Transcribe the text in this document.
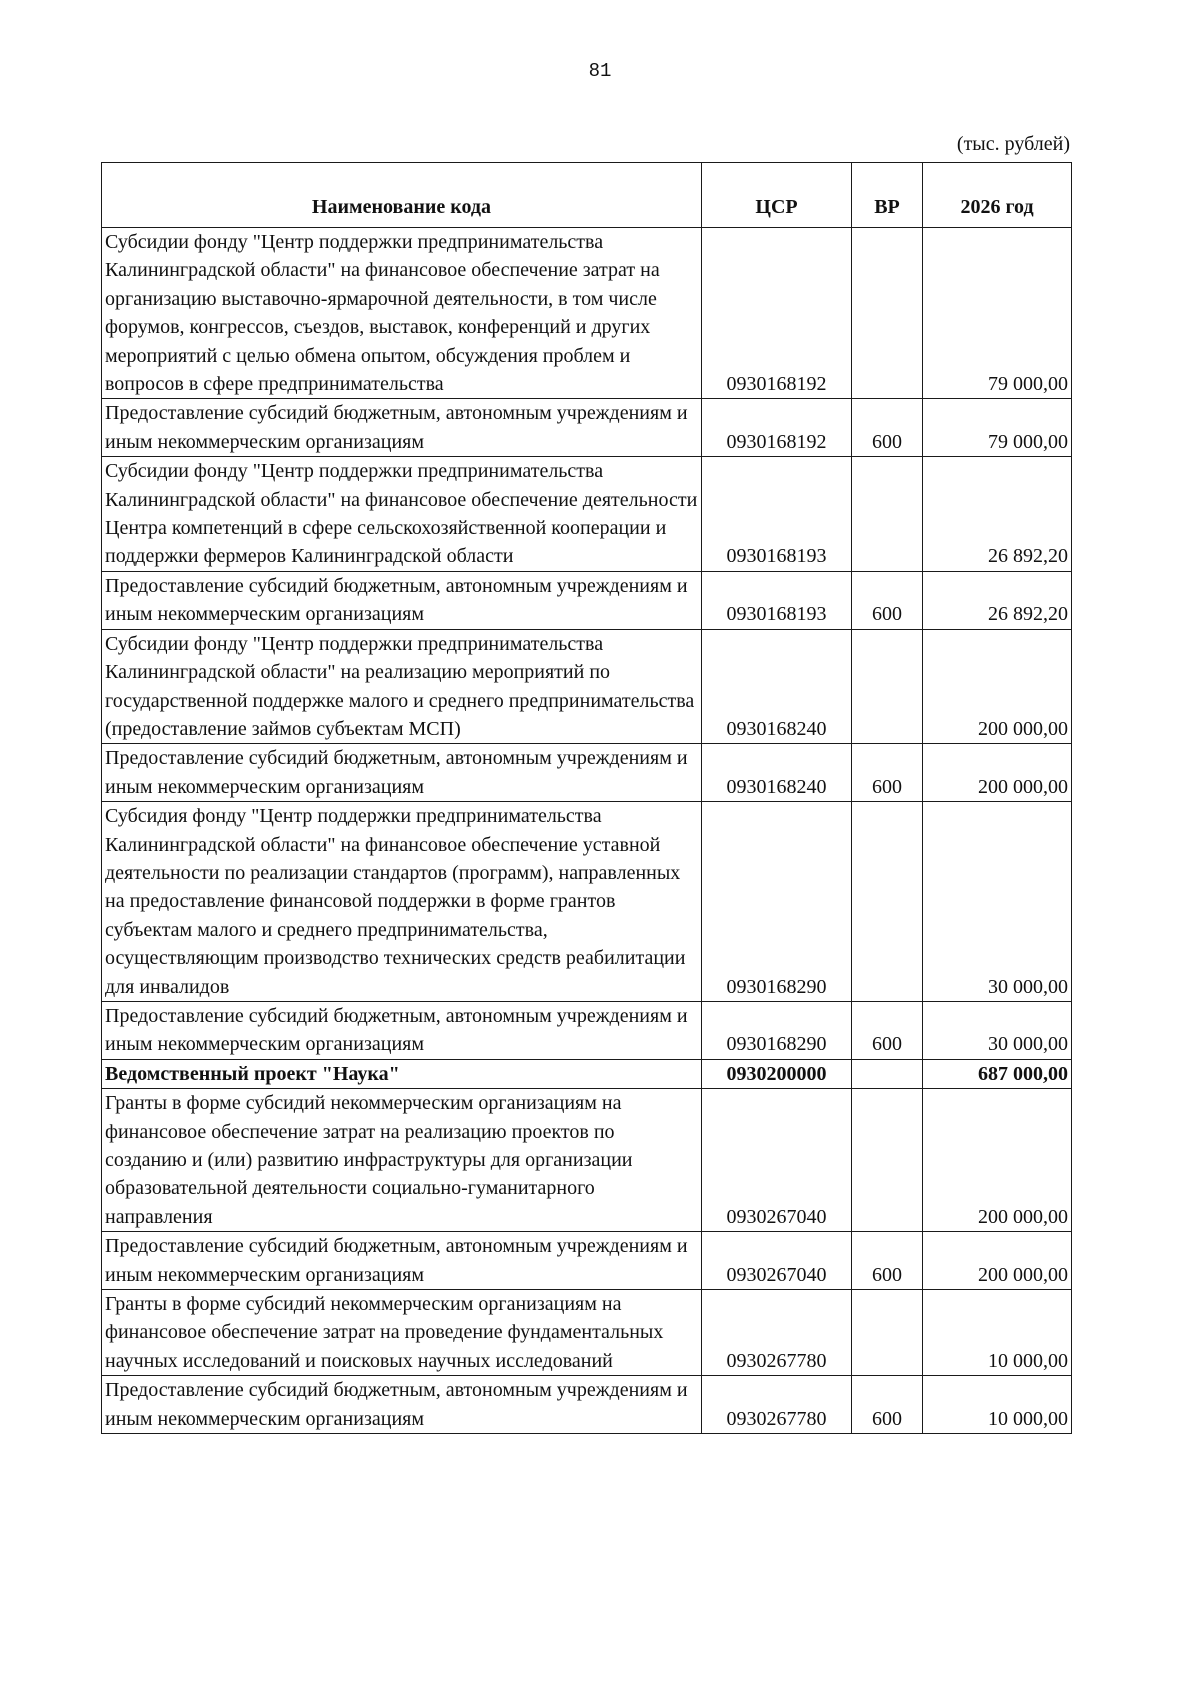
81
(тыс. рублей)
Наименование кода	ЦСР	ВР	2026 год
Субсидии фонду "Центр поддержки предпринимательства Калининградской области" на финансовое обеспечение затрат на организацию выставочно-ярмарочной деятельности, в том числе форумов, конгрессов, съездов, выставок, конференций и других мероприятий с целью обмена опытом, обсуждения проблем и вопросов в сфере предпринимательства	0930168192		79 000,00
Предоставление субсидий бюджетным, автономным учреждениям и иным некоммерческим организациям	0930168192	600	79 000,00
Субсидии фонду "Центр поддержки предпринимательства Калининградской области" на финансовое обеспечение деятельности Центра компетенций в сфере сельскохозяйственной кооперации и поддержки фермеров Калининградской области	0930168193		26 892,20
Предоставление субсидий бюджетным, автономным учреждениям и иным некоммерческим организациям	0930168193	600	26 892,20
Субсидии фонду "Центр поддержки предпринимательства Калининградской области" на реализацию мероприятий по государственной поддержке малого и среднего предпринимательства (предоставление займов субъектам МСП)	0930168240		200 000,00
Предоставление субсидий бюджетным, автономным учреждениям и иным некоммерческим организациям	0930168240	600	200 000,00
Субсидия фонду "Центр поддержки предпринимательства Калининградской области" на финансовое обеспечение уставной деятельности по реализации стандартов (программ), направленных на предоставление финансовой поддержки в форме грантов субъектам малого и среднего предпринимательства, осуществляющим производство технических средств реабилитации для инвалидов	0930168290		30 000,00
Предоставление субсидий бюджетным, автономным учреждениям и иным некоммерческим организациям	0930168290	600	30 000,00
Ведомственный проект "Наука"	0930200000		687 000,00
Гранты в форме субсидий некоммерческим организациям на финансовое обеспечение затрат на реализацию проектов по созданию и (или) развитию инфраструктуры для организации образовательной деятельности социально-гуманитарного направления	0930267040		200 000,00
Предоставление субсидий бюджетным, автономным учреждениям и иным некоммерческим организациям	0930267040	600	200 000,00
Гранты в форме субсидий некоммерческим организациям на финансовое обеспечение затрат на проведение фундаментальных научных исследований и поисковых научных исследований	0930267780		10 000,00
Предоставление субсидий бюджетным, автономным учреждениям и иным некоммерческим организациям	0930267780	600	10 000,00
